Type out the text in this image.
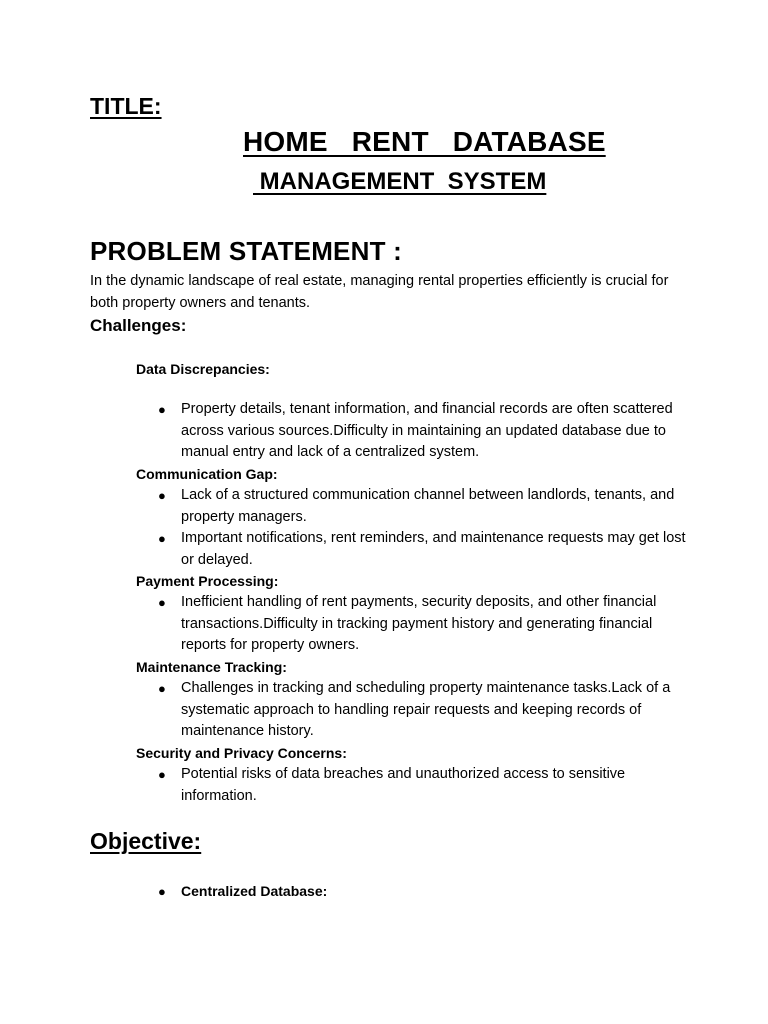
TITLE:
HOME   RENT   DATABASE
MANAGEMENT  SYSTEM
PROBLEM STATEMENT :
In the dynamic landscape of real estate, managing rental properties efficiently is crucial for both property owners and tenants.
Challenges:
Data Discrepancies:
● Property details, tenant information, and financial records are often scattered across various sources.Difficulty in maintaining an updated database due to manual entry and lack of a centralized system.
Communication Gap:
● Lack of a structured communication channel between landlords, tenants, and property managers.
● Important notifications, rent reminders, and maintenance requests may get lost or delayed.
Payment Processing:
● Inefficient handling of rent payments, security deposits, and other financial transactions.Difficulty in tracking payment history and generating financial reports for property owners.
Maintenance Tracking:
● Challenges in tracking and scheduling property maintenance tasks.Lack of a systematic approach to handling repair requests and keeping records of maintenance history.
Security and Privacy Concerns:
● Potential risks of data breaches and unauthorized access to sensitive information.
Objective:
● Centralized Database:
